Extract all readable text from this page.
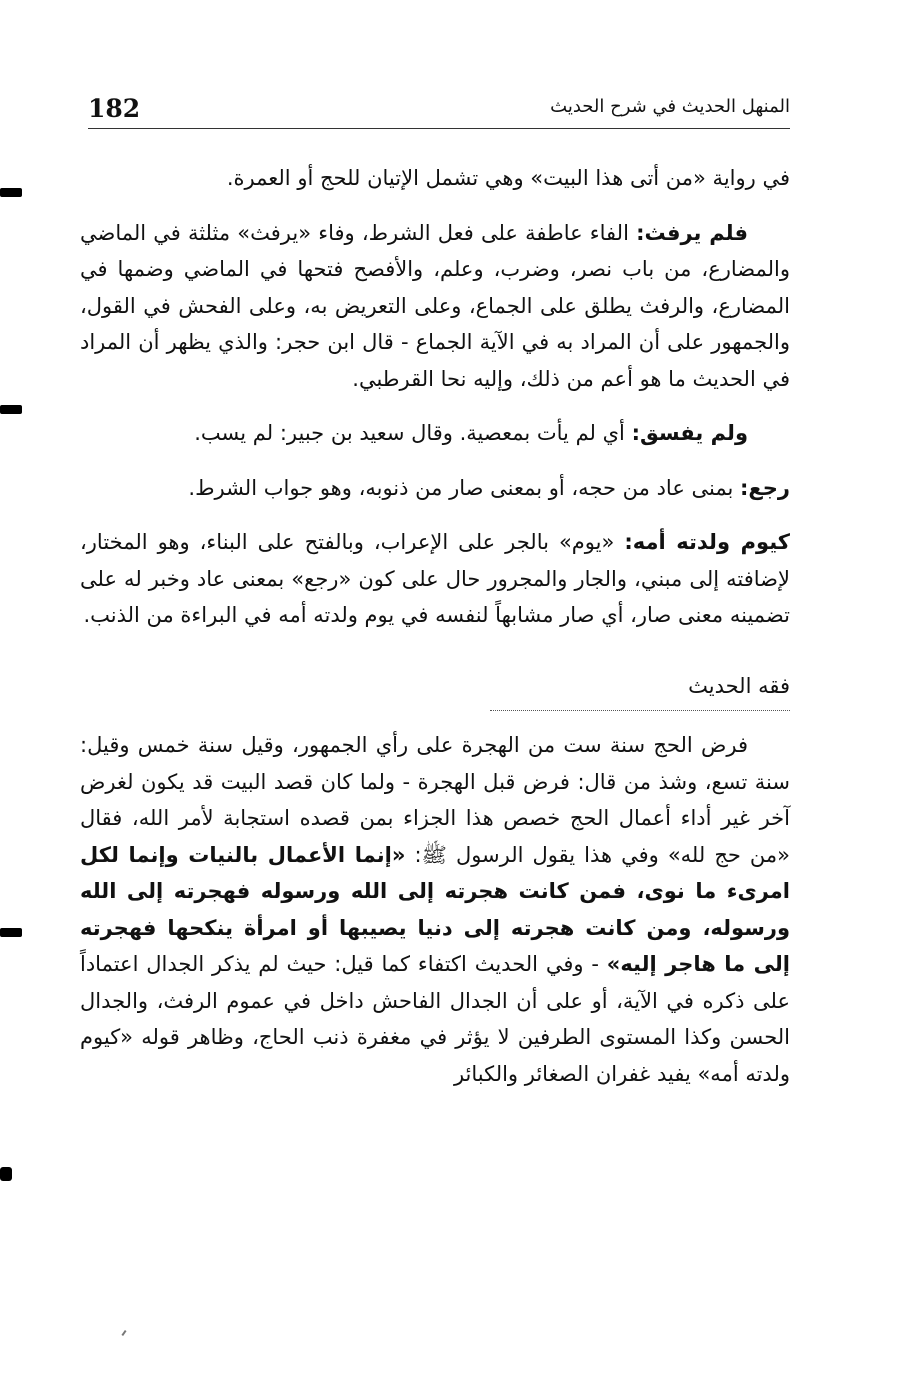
182	المنهل الحديث في شرح الحديث

في رواية «من أتى هذا البيت» وهي تشمل الإتيان للحج أو العمرة.

فلم يرفث: الفاء عاطفة على فعل الشرط، وفاء «يرفث» مثلثة في الماضي والمضارع، من باب نصر، وضرب، وعلم، والأفصح فتحها في الماضي وضمها في المضارع، والرفث يطلق على الجماع، وعلى التعريض به، وعلى الفحش في القول، والجمهور على أن المراد به في الآية الجماع - قال ابن حجر: والذي يظهر أن المراد في الحديث ما هو أعم من ذلك، وإليه نحا القرطبي.

ولم يفسق: أي لم يأت بمعصية. وقال سعيد بن جبير: لم يسب.

رجع: بمنى عاد من حجه، أو بمعنى صار من ذنوبه، وهو جواب الشرط.

كيوم ولدته أمه: «يوم» بالجر على الإعراب، وبالفتح على البناء، وهو المختار، لإضافته إلى مبني، والجار والمجرور حال على كون «رجع» بمعنى عاد وخبر له على تضمينه معنى صار، أي صار مشابهاً لنفسه في يوم ولدته أمه في البراءة من الذنب.

فقه الحديث

فرض الحج سنة ست من الهجرة على رأي الجمهور، وقيل سنة خمس وقيل: سنة تسع، وشذ من قال: فرض قبل الهجرة - ولما كان قصد البيت قد يكون لغرض آخر غير أداء أعمال الحج خصص هذا الجزاء بمن قصده استجابة لأمر الله، فقال «من حج لله» وفي هذا يقول الرسول ﷺ: «إنما الأعمال بالنيات وإنما لكل امرىء ما نوى، فمن كانت هجرته إلى الله ورسوله فهجرته إلى الله ورسوله، ومن كانت هجرته إلى دنيا يصيبها أو امرأة ينكحها فهجرته إلى ما هاجر إليه» - وفي الحديث اكتفاء كما قيل: حيث لم يذكر الجدال اعتماداً على ذكره في الآية، أو على أن الجدال الفاحش داخل في عموم الرفث، والجدال الحسن وكذا المستوى الطرفين لا يؤثر في مغفرة ذنب الحاج، وظاهر قوله «كيوم ولدته أمه» يفيد غفران الصغائر والكبائر
